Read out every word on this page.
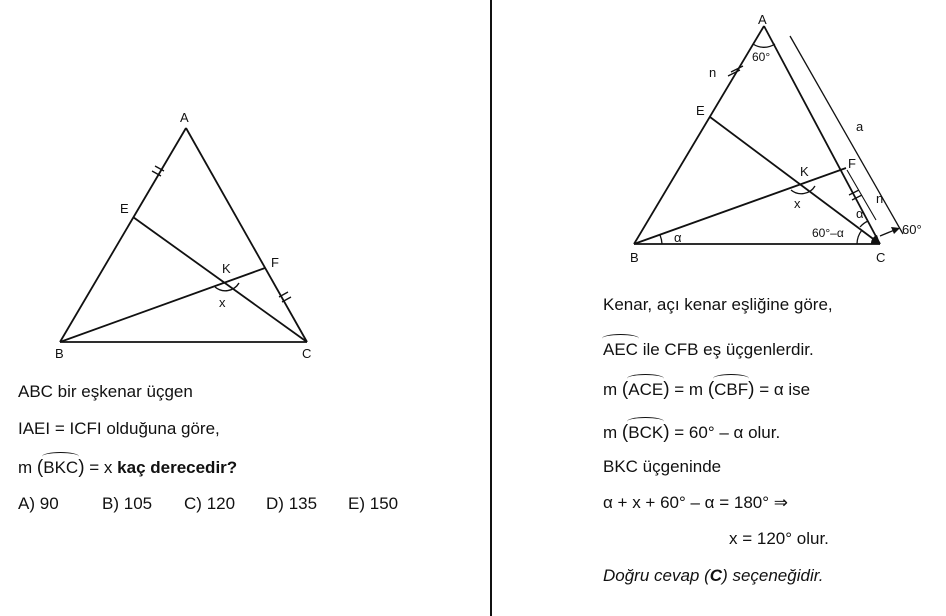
A
B	C
E
F
K
x
A
B	C
E
F
K
x
n
n
a
60°
α
α
60°–α	60°
ABC bir eşkenar üçgen
IAEI = ICFI olduğuna göre,
m (BKC) = x kaç derecedir?
A) 90	B) 105 C) 120 D) 135 E) 150
Kenar, açı kenar eşliğine göre,
AEC ile CFB eş üçgenlerdir.
m (ACE) = m (CBF) = α ise
m (BCK) = 60° – α olur.
BKC üçgeninde
α + x + 60° – α = 180° ⇒
x = 120° olur.
Doğru cevap (C) seçeneğidir.
